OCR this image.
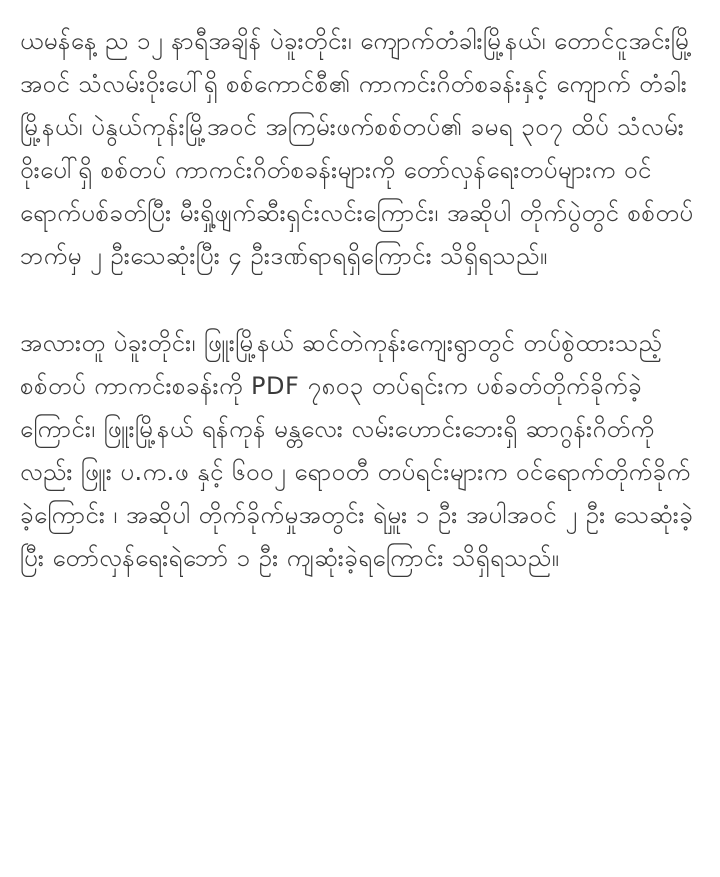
ယမန်နေ့ ည ၁၂ နာရီအချိန် ပဲခူးတိုင်း၊ ကျောက်တံခါးမြို့နယ်၊ တောင်ငူအင်းမြို့ အဝင် သံလမ်းဝိုးပေါ်ရှိ စစ်ကောင်စီ၏ ကာကင်းဂိတ်စခန်းနှင့် ကျောက် တံခါးမြို့နယ်၊ ပဲနွယ်ကုန်းမြို့အဝင် အကြမ်းဖက်စစ်တပ်၏ ခမရ ၃၀၇ ထိပ် သံလမ်းဝိုးပေါ်ရှိ စစ်တပ် ကာကင်းဂိတ်စခန်းများကို တော်လှန်ရေးတပ်များက ဝင်ရောက်ပစ်ခတ်ပြီး မီးရှို့ဖျက်ဆီးရှင်းလင်းကြောင်း၊ အဆိုပါ တိုက်ပွဲတွင် စစ်တပ်ဘက်မှ ၂ ဦးသေဆုံးပြီး ၄ ဦးဒဏ်ရာရရှိကြောင်း သိရှိရသည်။

အလားတူ ပဲခူးတိုင်း၊ ဖြူးမြို့နယ် ဆင်တဲကုန်းကျေးရွာတွင် တပ်စွဲထားသည့် စစ်တပ် ကာကင်းစခန်းကို PDF ၇၈၀၃ တပ်ရင်းက ပစ်ခတ်တိုက်ခိုက်ခဲ့ကြောင်း၊ ဖြူးမြို့နယ် ရန်ကုန် မန္တလေး လမ်းဟောင်းဘေးရှိ ဆာဂွန်းဂိတ်ကိုလည်း ဖြူး ပ.က.ဖ နှင့် ၆၀၀၂ ရောဝတီ တပ်ရင်းများက ဝင်ရောက်တိုက်ခိုက်ခဲ့ကြောင်း ၊ အဆိုပါ တိုက်ခိုက်မှုအတွင်း ရဲမှူး ၁ ဦး အပါအဝင် ၂ ဦး သေဆုံးခဲ့ပြီး တော်လှန်ရေးရဲဘော် ၁ ဦး ကျဆုံးခဲ့ရကြောင်း သိရှိရသည်။
